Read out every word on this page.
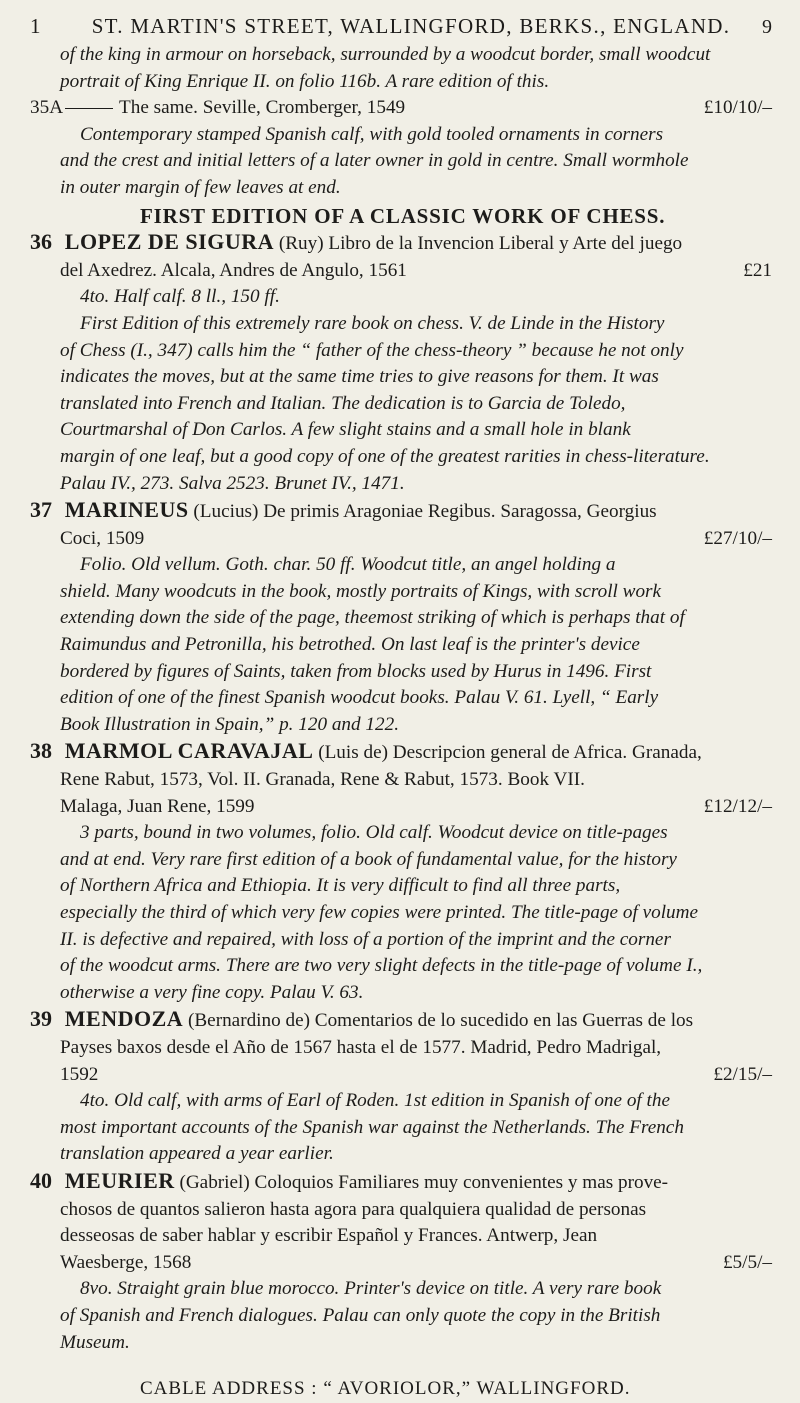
1	ST. MARTIN'S STREET, WALLINGFORD, BERKS., ENGLAND.	9

of the king in armour on horseback, surrounded by a woodcut border, small woodcut

portrait of King Enrique II. on folio 116b. A rare edition of this.

35A	The same. Seville, Cromberger, 1549	£10/10/–

Contemporary stamped Spanish calf, with gold tooled ornaments in corners

and the crest and initial letters of a later owner in gold in centre. Small wormhole

in outer margin of few leaves at end.

FIRST EDITION OF A CLASSIC WORK OF CHESS.

36 LOPEZ DE SIGURA (Ruy) Libro de la Invencion Liberal y Arte del juego

del Axedrez. Alcala, Andres de Angulo, 1561	£21

4to. Half calf. 8 ll., 150 ff.

First Edition of this extremely rare book on chess. V. de Linde in the History

of Chess (I., 347) calls him the “ father of the chess-theory ” because he not only

indicates the moves, but at the same time tries to give reasons for them. It was

translated into French and Italian. The dedication is to Garcia de Toledo,

Courtmarshal of Don Carlos. A few slight stains and a small hole in blank

margin of one leaf, but a good copy of one of the greatest rarities in chess-literature.

Palau IV., 273. Salva 2523. Brunet IV., 1471.

37 MARINEUS (Lucius) De primis Aragoniae Regibus. Saragossa, Georgius

Coci, 1509	£27/10/–

Folio. Old vellum. Goth. char. 50 ff. Woodcut title, an angel holding a

shield. Many woodcuts in the book, mostly portraits of Kings, with scroll work

extending down the side of the page, theemost striking of which is perhaps that of

Raimundus and Petronilla, his betrothed. On last leaf is the printer's device

bordered by figures of Saints, taken from blocks used by Hurus in 1496. First

edition of one of the finest Spanish woodcut books. Palau V. 61. Lyell, “ Early

Book Illustration in Spain,” p. 120 and 122.

38 MARMOL CARAVAJAL (Luis de) Descripcion general de Africa. Granada,

Rene Rabut, 1573, Vol. II. Granada, Rene & Rabut, 1573. Book VII.

Malaga, Juan Rene, 1599	£12/12/–

3 parts, bound in two volumes, folio. Old calf. Woodcut device on title-pages

and at end. Very rare first edition of a book of fundamental value, for the history

of Northern Africa and Ethiopia. It is very difficult to find all three parts,

especially the third of which very few copies were printed. The title-page of volume

II. is defective and repaired, with loss of a portion of the imprint and the corner

of the woodcut arms. There are two very slight defects in the title-page of volume I.,

otherwise a very fine copy. Palau V. 63.

39 MENDOZA (Bernardino de) Comentarios de lo sucedido en las Guerras de los

Payses baxos desde el Año de 1567 hasta el de 1577. Madrid, Pedro Madrigal,

1592	£2/15/–

4to. Old calf, with arms of Earl of Roden. 1st edition in Spanish of one of the

most important accounts of the Spanish war against the Netherlands. The French

translation appeared a year earlier.

40 MEURIER (Gabriel) Coloquios Familiares muy convenientes y mas prove-

chosos de quantos salieron hasta agora para qualquiera qualidad de personas

desseosas de saber hablar y escribir Español y Frances. Antwerp, Jean

Waesberge, 1568	£5/5/–

8vo. Straight grain blue morocco. Printer's device on title. A very rare book

of Spanish and French dialogues. Palau can only quote the copy in the British

Museum.

CABLE ADDRESS : “ AVORIOLOR,” WALLINGFORD.
